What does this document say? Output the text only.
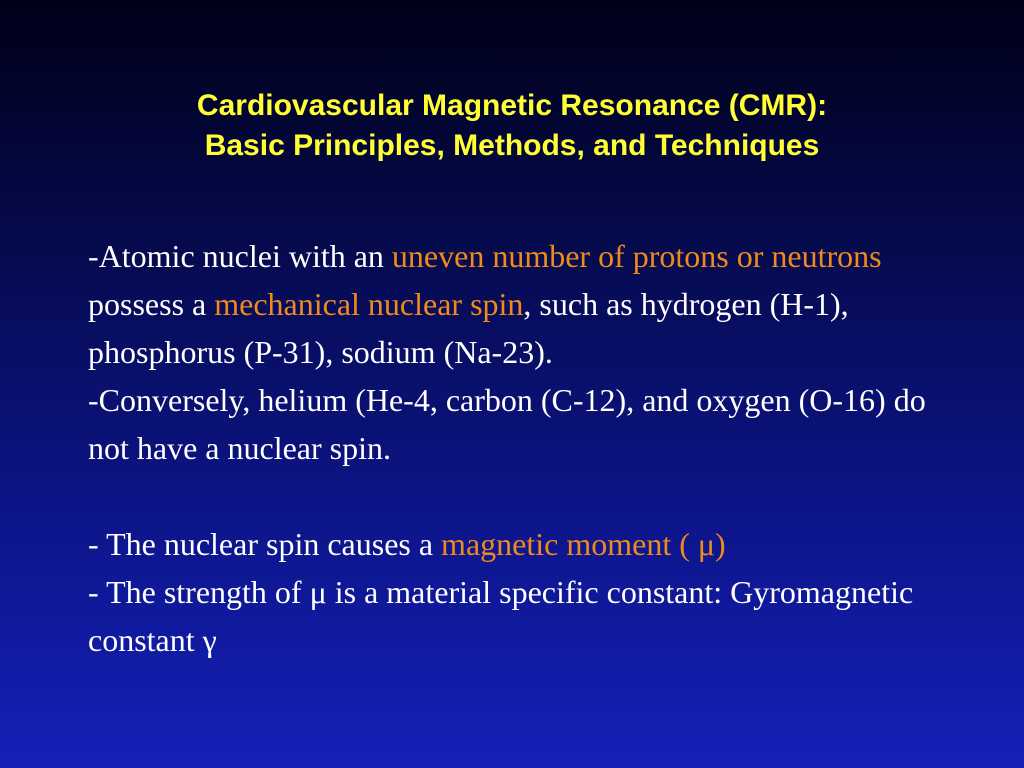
Cardiovascular Magnetic Resonance (CMR):
Basic Principles, Methods, and Techniques

-Atomic nuclei with an uneven number of protons or neutrons possess a mechanical nuclear spin, such as hydrogen (H-1), phosphorus (P-31), sodium (Na-23).

-Conversely, helium (He-4, carbon (C-12), and oxygen (O-16) do not have a nuclear spin.

- The nuclear spin causes a magnetic moment ( μ)

- The strength of μ is a material specific constant: Gyromagnetic constant γ
